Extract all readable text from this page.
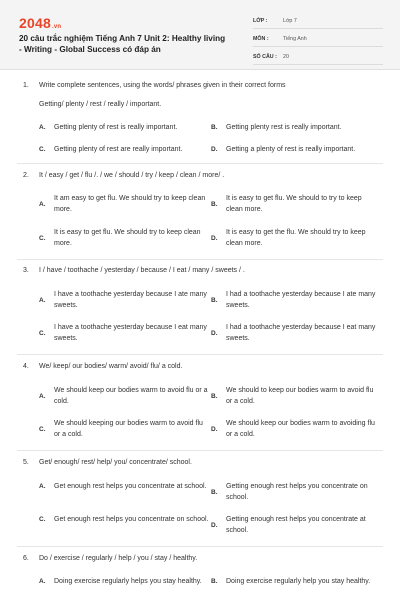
2048 .vn
20 câu trắc nghiệm Tiếng Anh 7 Unit 2: Healthy living - Writing - Global Success có đáp án
LỚP :	Lớp 7
MÔN :	Tiếng Anh
SỐ CÂU :	20
1. Write complete sentences, using the words/ phrases given in their correct forms
Getting/ plenty / rest / really / important.
A.	Getting plenty of rest is really important.	B.	Getting plenty rest is really important.
C.	Getting plenty of rest are really important.	D.	Getting a plenty of rest is really important.
2. It / easy / get / flu /. / we / should / try / keep / clean / more/ .
A.
It am easy to get flu. We should try to keep clean more.
B.
It is easy to get flu. We should to try to keep clean more.
C.
It is easy to get flu. We should try to keep clean more.
D.
It is easy to get the flu. We should try to keep clean more.
3. I / have / toothache / yesterday / because / I eat / many / sweets / .
A.
I have a toothache yesterday because I ate many sweets.
B.
I had a toothache yesterday because I ate many sweets.
C.
I have a toothache yesterday because I eat many sweets.
D.
I had a toothache yesterday because I eat many sweets.
4. We/ keep/ our bodies/ warm/ avoid/ flu/ a cold.
A.
We should keep our bodies warm to avoid flu or a cold.
B.
We should to keep our bodies warm to avoid flu or a cold.
C.
We should keeping our bodies warm to avoid flu or a cold.
D.
We should keep our bodies warm to avoiding flu or a cold.
5. Get/ enough/ rest/ help/ you/ concentrate/ school.
A.	Get enough rest helps you concentrate at school.
B.
Getting enough rest helps you concentrate on school.
C.	Get enough rest helps you concentrate on school.
D.
Getting enough rest helps you concentrate at school.
6. Do / exercise / regularly / help / you / stay / healthy.
A.	Doing exercise regularly helps you stay healthy.	B.	Doing exercise regularly help you stay healthy.
